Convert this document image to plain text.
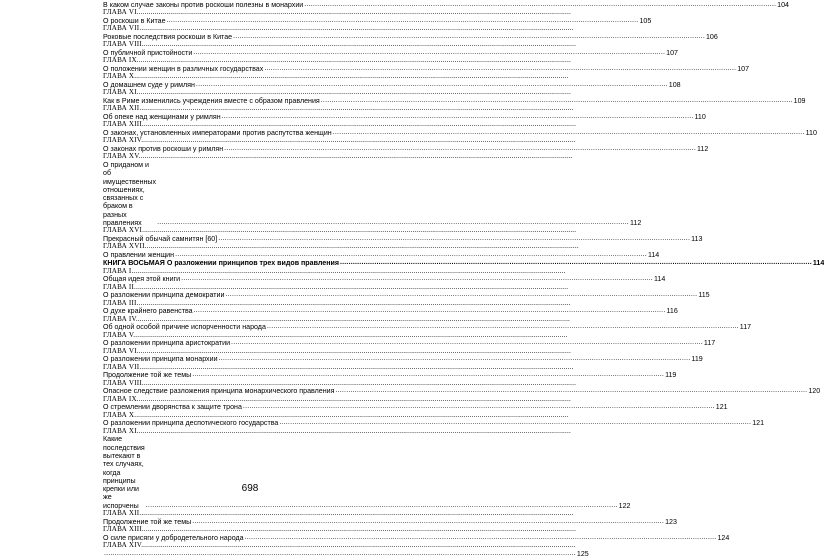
В каком случае законы против роскоши полезны в монархии ............................................................................................................................................................................................................................ 104
ГЛАВА VI............................................................................................................................................................................................................................
О роскоши в Китае ............................................................................................................................................................................................................................ 105
ГЛАВА VII............................................................................................................................................................................................................................
Роковые последствия роскоши в Китае ............................................................................................................................................................................................................................ 106
ГЛАВА VIII............................................................................................................................................................................................................................
О публичной пристойности ............................................................................................................................................................................................................................ 107
ГЛАВА IX............................................................................................................................................................................................................................
О положении женщин в различных государствах ............................................................................................................................................................................................................................ 107
ГЛАВА X............................................................................................................................................................................................................................
О домашнем суде у римлян ............................................................................................................................................................................................................................ 108
ГЛАВА XI............................................................................................................................................................................................................................
Как в Риме изменились учреждения вместе с образом правления ............................................................................................................................................................................................................................ 109
ГЛАВА XII............................................................................................................................................................................................................................
Об опеке над женщинами у римлян ............................................................................................................................................................................................................................ 110
ГЛАВА XIII............................................................................................................................................................................................................................
О законах, установленных императорами против распутства женщин ............................................................................................................................................................................................................................ 110
ГЛАВА XIV............................................................................................................................................................................................................................
О законах против роскоши у римлян ............................................................................................................................................................................................................................ 112
ГЛАВА XV............................................................................................................................................................................................................................
О приданом и об имущественных отношениях, связанных с браком в разных правлениях	............................................................................................................................................................................................................................ 112
ГЛАВА XVI............................................................................................................................................................................................................................
Прекрасный обычай самнитян [60] ............................................................................................................................................................................................................................ 113
ГЛАВА XVII............................................................................................................................................................................................................................
О правлении женщин ............................................................................................................................................................................................................................ 114
КНИГА ВОСЬМАЯ О разложении принципов трех видов правления ............................................................................................................................................................................................................................ 114
ГЛАВА I............................................................................................................................................................................................................................
Общая идея этой книги ............................................................................................................................................................................................................................ 114
ГЛАВА II............................................................................................................................................................................................................................
О разложении принципа демократии ............................................................................................................................................................................................................................ 115
ГЛАВА III............................................................................................................................................................................................................................
О духе крайнего равенства ............................................................................................................................................................................................................................ 116
ГЛАВА IV............................................................................................................................................................................................................................
Об одной особой причине испорченности народа ............................................................................................................................................................................................................................ 117
ГЛАВА V............................................................................................................................................................................................................................
О разложении принципа аристократии ............................................................................................................................................................................................................................ 117
ГЛАВА VI............................................................................................................................................................................................................................
О разложении принципа монархии ............................................................................................................................................................................................................................ 119
ГЛАВА VII............................................................................................................................................................................................................................
Продолжение той же темы ............................................................................................................................................................................................................................ 119
ГЛАВА VIII............................................................................................................................................................................................................................
Опасное следствие разложения принципа монархического правления ............................................................................................................................................................................................................................ 120
ГЛАВА IX............................................................................................................................................................................................................................
О стремлении дворянства к защите трона ............................................................................................................................................................................................................................ 121
ГЛАВА X............................................................................................................................................................................................................................
О разложении принципа деспотического государства ............................................................................................................................................................................................................................ 121
ГЛАВА XI............................................................................................................................................................................................................................
Какие последствия вытекают в тех случаях, когда принципы крепки или же испорчены	............................................................................................................................................................................................................................ 122
ГЛАВА XII............................................................................................................................................................................................................................
Продолжение той же темы ............................................................................................................................................................................................................................ 123
ГЛАВА XIII............................................................................................................................................................................................................................
О силе присяги у добродетельного народа ............................................................................................................................................................................................................................ 124
ГЛАВА XIV............................................................................................................................................................................................................................
............................................................................................................................................................................................................................ 125
698
